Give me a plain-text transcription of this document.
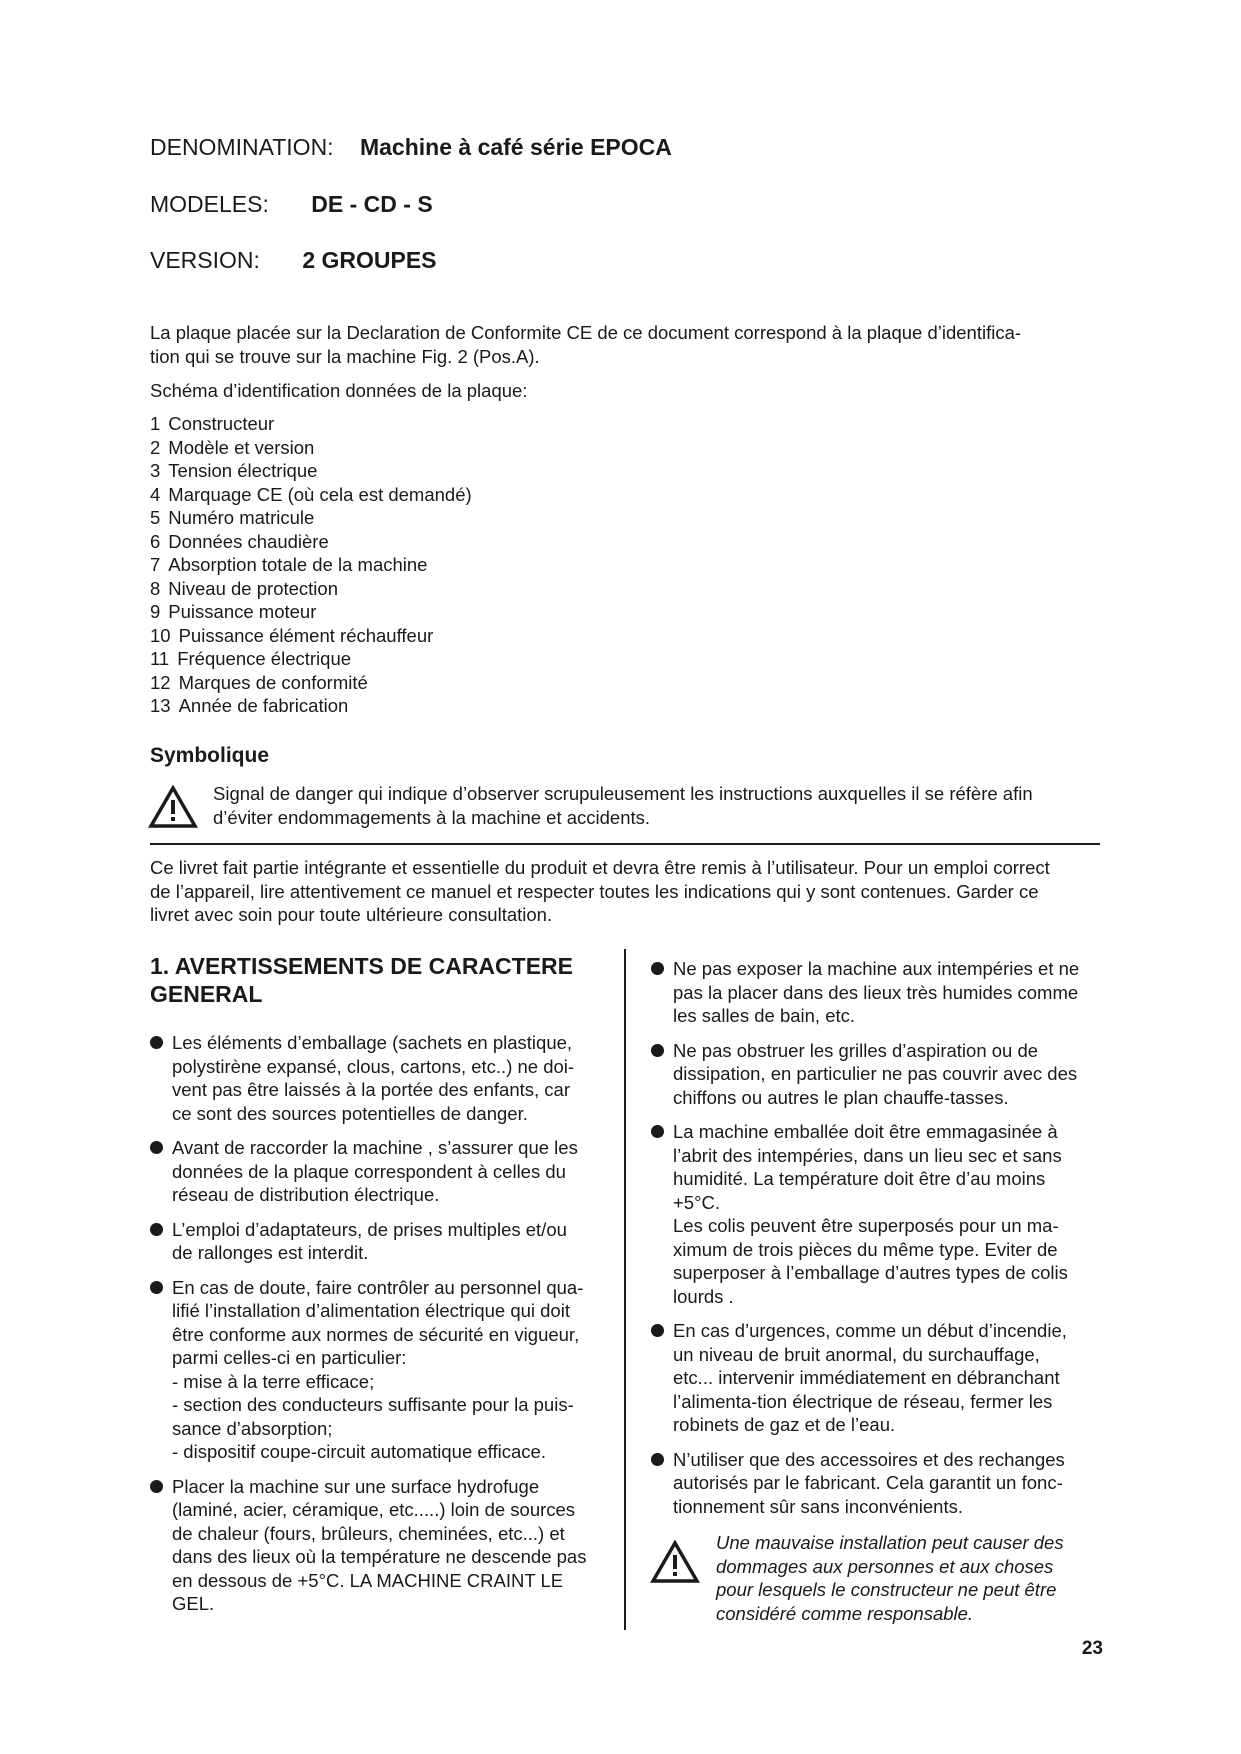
DENOMINATION: Machine à café série EPOCA
MODELES: DE - CD - S
VERSION: 2 GROUPES
La plaque placée sur la Declaration de Conformite CE de ce document correspond à la plaque d’identifica-
tion qui se trouve sur la machine Fig. 2 (Pos.A).
Schéma d’identification données de la plaque:
1 Constructeur
2 Modèle et version
3 Tension électrique
4 Marquage CE (où cela est demandé)
5 Numéro matricule
6 Données chaudière
7 Absorption totale de la machine
8 Niveau de protection
9 Puissance moteur
10 Puissance élément réchauffeur
11 Fréquence électrique
12 Marques de conformité
13 Année de fabrication
Symbolique
Signal de danger qui indique d’observer scrupuleusement les instructions auxquelles il se réfère afin
d’éviter endommagements à la machine et accidents.
Ce livret fait partie intégrante et essentielle du produit et devra être remis à l’utilisateur. Pour un emploi correct
de l’appareil, lire attentivement ce manuel et respecter toutes les indications qui y sont contenues. Garder ce
livret avec soin pour toute ultérieure consultation.
1. AVERTISSEMENTS DE CARACTERE
GENERAL
Les éléments d’emballage (sachets en plastique,
polystirène expansé, clous, cartons, etc..) ne doi-
vent pas être laissés à la portée des enfants, car
ce sont des sources potentielles de danger.
Avant de raccorder la machine , s’assurer que les
données de la plaque correspondent à celles du
réseau de distribution électrique.
L’emploi d’adaptateurs, de prises multiples et/ou
de rallonges est interdit.
En cas de doute, faire contrôler au personnel qua-
lifié l’installation d’alimentation électrique qui doit
être conforme aux normes de sécurité en vigueur,
parmi celles-ci en particulier:
- mise à la terre efficace;
- section des conducteurs suffisante pour la puis-
sance d’absorption;
- dispositif coupe-circuit automatique efficace.
Placer la machine sur une surface hydrofuge
(laminé, acier, céramique, etc.....) loin de sources
de chaleur (fours, brûleurs, cheminées, etc...) et
dans des lieux où la température ne descende pas
en dessous de +5°C. LA MACHINE CRAINT LE
GEL.
Ne pas exposer la machine aux intempéries et ne
pas la placer dans des lieux très humides comme
les salles de bain, etc.
Ne pas obstruer les grilles d’aspiration ou de
dissipation, en particulier ne pas couvrir avec des
chiffons ou autres le plan chauffe-tasses.
La machine emballée doit être emmagasinée à
l’abrit des intempéries, dans un lieu sec et sans
humidité. La température doit être d’au moins
+5°C.
Les colis peuvent être superposés pour un ma-
ximum de trois pièces du même type. Eviter de
superposer à l’emballage d’autres types de colis
lourds .
En cas d’urgences, comme un début d’incendie,
un niveau de bruit anormal, du surchauffage,
etc... intervenir immédiatement en débranchant
l’alimenta-tion électrique de réseau, fermer les
robinets de gaz et de l’eau.
N’utiliser que des accessoires et des rechanges
autorisés par le fabricant. Cela garantit un fonc-
tionnement sûr sans inconvénients.
Une mauvaise installation peut causer des
dommages aux personnes et aux choses
pour lesquels le constructeur ne peut être
considéré comme responsable.
23
